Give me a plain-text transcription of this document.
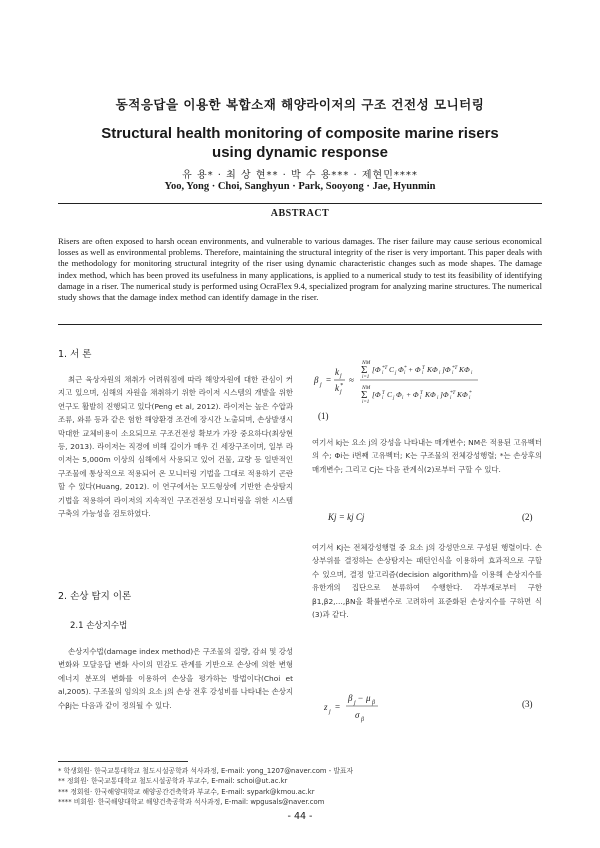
동적응답을 이용한 복합소재 해양라이저의 구조 건전성 모니터링
Structural health monitoring of composite marine risers
using dynamic response
유 용* · 최 상 현** · 박 수 용*** · 제현민****
Yoo, Yong · Choi, Sanghyun · Park, Sooyong · Jae, Hyunmin
ABSTRACT
Risers are often exposed to harsh ocean environments, and vulnerable to various damages. The riser failure may cause serious economical losses as well as environmental problems. Therefore, maintaining the structural integrity of the riser is very important. This paper deals with the methodology for monitoring structural integrity of the riser using dynamic characteristic changes such as mode shapes. The damage index method, which has been proved its usefulness in many applications, is applied to a numerical study to test its feasibility of identifying damage in a riser. The numerical study is performed using OcraFlex 9.4, specialized program for analyzing marine structures. The numerical study shows that the damage index method can identify damage in the riser.
1. 서 론
최근 육상자원의 채취가 어려워짐에 따라 해양자원에 대한 관심이 커지고 있으며, 심해의 자원을 채취하기 위한 라이저 시스템의 개발을 위한 연구도 활발히 진행되고 있다(Peng et al, 2012). 라이저는 높은 수압과 조류, 와류 등과 같은 험한 해양환경 조건에 장시간 노출되며, 손상발생시 막대한 교체비용이 소요되므로 구조건전성 확보가 가장 중요하다(최상현 등, 2013). 라이저는 직경에 비해 길이가 매우 긴 세장구조이며, 일부 라이저는 5,000m 이상의 심해에서 사용되고 있어 건물, 교량 등 일반적인 구조물에 통상적으로 적용되어 온 모니터링 기법을 그대로 적용하기 곤란할 수 있다(Huang, 2012). 이 연구에서는 모드형상에 기반한 손상탐지기법을 적용하여 라이저의 지속적인 구조건전성 모니터링을 위한 시스템 구축의 가능성을 검토하였다.
2. 손상 탐지 이론
2.1 손상지수법
손상지수법(damage index method)은 구조물의 질량, 감쇠 및 강성 변화와 모달응답 변화 사이의 민감도 관계를 기반으로 손상에 의한 변형에너지 분포의 변화를 이용하여 손상을 평가하는 방법이다(Choi et al,2005). 구조물의 임의의 요소 j의 손상 전후 강성비를 나타내는 손상지수βj는 다음과 같이 정의될 수 있다.
β j =
k j
k *
j
≈
NM
Σ
i=1
[Φ *T
i C j Φ *
i + Φ T
i KΦ i ]Φ *T
i KΦ i
NM
Σ
i=1
[Φ T
i C j Φ i + Φ T
i KΦ i ]Φ *T
i KΦ *
i
(1)
여기서 kj는 요소 j의 강성을 나타내는 매개변수; NM은 적용된 고유벡터의 수; Φi는 i번째 고유벡터; K는 구조물의 전체강성행렬; *는 손상후의 매개변수; 그리고 Cj는 다음 관계식(2)로부터 구할 수 있다.
Kj = kj Cj	(2)
여기서 Kj는 전체강성행렬 중 요소 j의 강성만으로 구성된 행렬이다. 손상부위를 결정하는 손상탐지는 패턴인식을 이용하여 효과적으로 구할 수 있으며, 결정 알고리즘(decision algorithm)을 이용해 손상지수를 유한개의 집단으로 분류하여 수행한다. 각부재로부터 구한 β1,β2,…,βN을 확률변수로 고려하여 표준화된 손상지수를 구하면 식(3)과 같다.
z j =
β j − μ β
σ β
(3)
* 학생회원· 한국교통대학교 철도시설공학과 석사과정, E-mail: yong_1207@naver.com - 발표자
** 정회원· 한국교통대학교 철도시설공학과 부교수, E-mail: schoi@ut.ac.kr
*** 정회원· 한국해양대학교 해양공간건축학과 부교수, E-mail: sypark@kmou.ac.kr
**** 비회원· 한국해양대학교 해양건축공학과 석사과정, E-mail: wpgusals@naver.com
- 44 -
